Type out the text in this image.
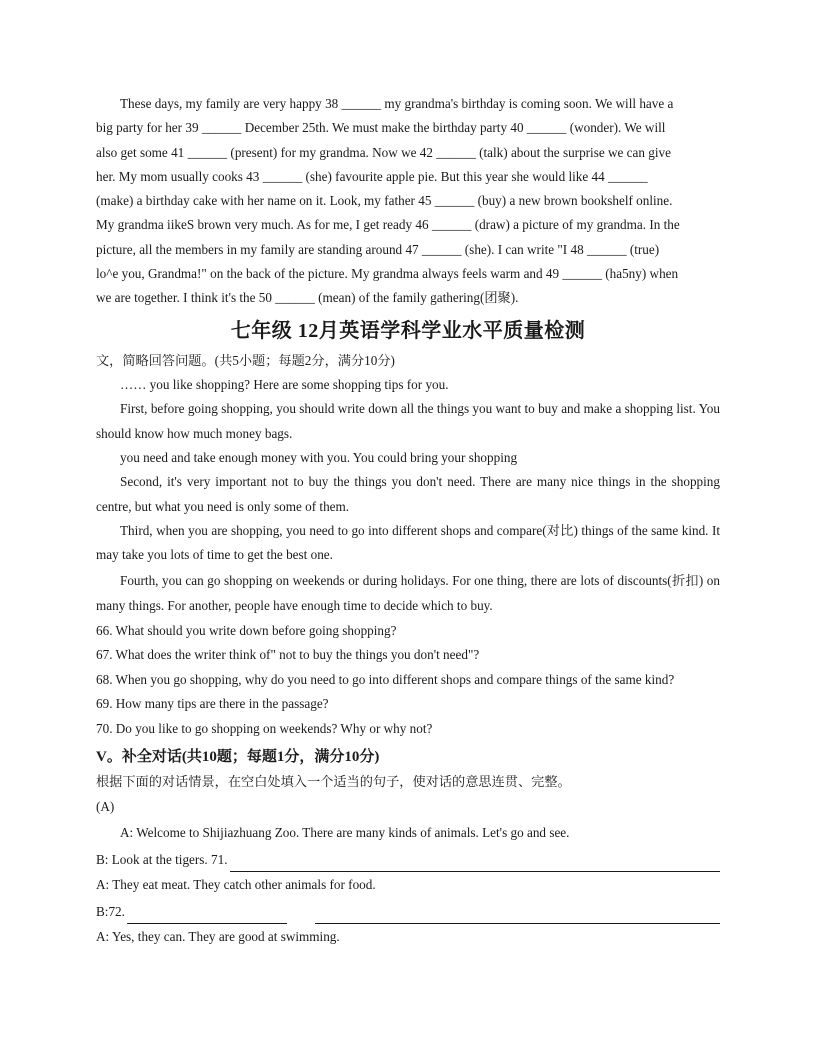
These days, my family are very happy 38 ______ my grandma's birthday is coming soon. We will have a

big party for her 39 ______ December 25th. We must make the birthday party 40 ______ (wonder). We will

also get some 41 ______ (present) for my grandma. Now we 42 ______ (talk) about the surprise we can give

her. My mom usually cooks 43 ______ (she) favourite apple pie. But this year she would like 44 ______

(make) a birthday cake with her name on it. Look, my father 45 ______ (buy) a new brown bookshelf online.

My grandma iikeS brown very much. As for me, I get ready 46 ______ (draw) a picture of my grandma. In the

picture, all the members in my family are standing around 47 ______ (she). I can write "I 48 ______ (true)

lo^e you, Grandma!" on the back of the picture. My grandma always feels warm and 49 ______ (ha5ny) when

we are together. I think it's the 50 ______ (mean) of the family gathering(团聚).

七年级 12月英语学科学业水平质量检测

文，简略回答问题。(共5小题；每题2分，满分10分)

…… you like shopping? Here are some shopping tips for you.

First, before going shopping, you should write down all the things you want to buy and make a shopping list. You should know how much money bags.

you need and take enough money with you. You could bring your shopping

Second, it's very important not to buy the things you don't need. There are many nice things in the shopping centre, but what you need is only some of them.

Third, when you are shopping, you need to go into different shops and compare(对比) things of the same kind. It may take you lots of time to get the best one.

Fourth, you can go shopping on weekends or during holidays. For one thing, there are lots of discounts(折扣) on many things. For another, people have enough time to decide which to buy.

66. What should you write down before going shopping?

67. What does the writer think of" not to buy the things you don't need"?

68. When you go shopping, why do you need to go into different shops and compare things of the same kind?

69. How many tips are there in the passage?

70. Do you like to go shopping on weekends? Why or why not?

V。补全对话(共10题；每题1分，满分10分)

根据下面的对话情景，在空白处填入一个适当的句子，使对话的意思连贯、完整。

(A)

A: Welcome to Shijiazhuang Zoo. There are many kinds of animals. Let's go and see.

B: Look at the tigers. 71.

A: They eat meat. They catch other animals for food.

B:72.

A: Yes, they can. They are good at swimming.
